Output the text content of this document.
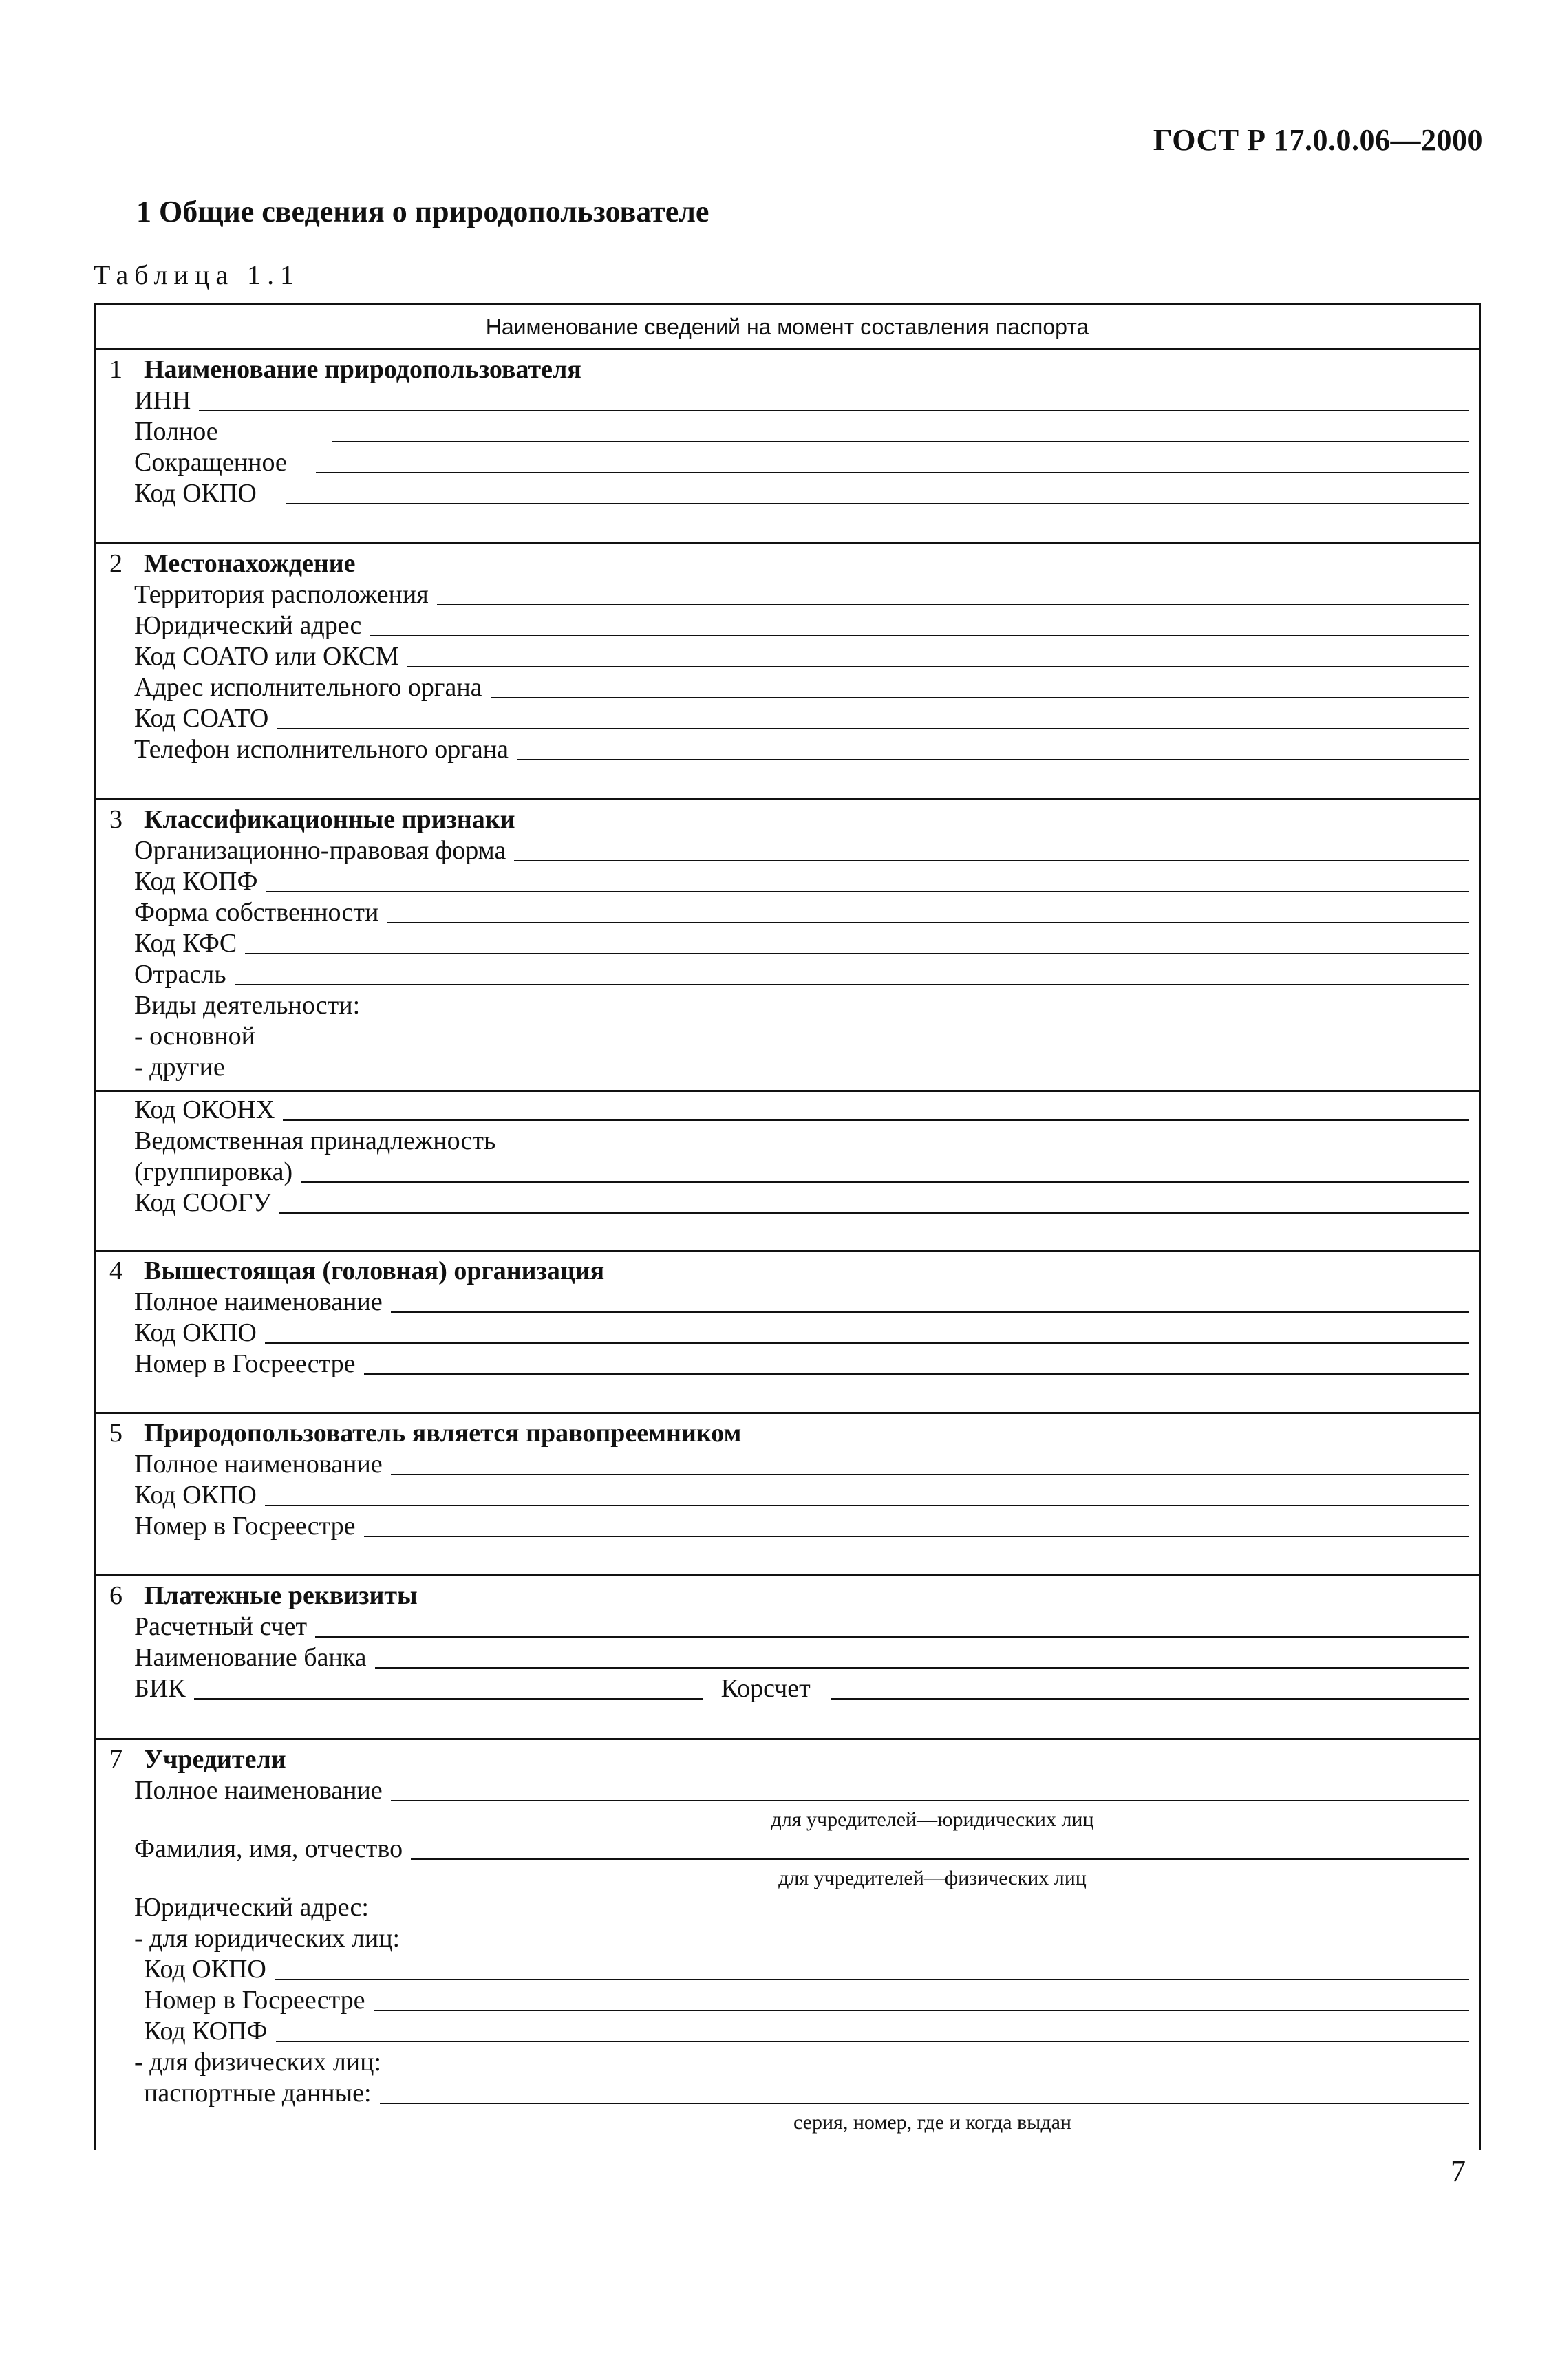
ГОСТ Р 17.0.0.06—2000
1 Общие сведения о природопользователе
Таблица 1.1
Наименование сведений на момент составления паспорта
1 Наименование природопользователя
ИНН
Полное
Сокращенное
Код ОКПО
2 Местонахождение
Территория расположения
Юридический адрес
Код СОАТО или ОКСМ
Адрес исполнительного органа
Код СОАТО
Телефон исполнительного органа
3 Классификационные признаки
Организационно-правовая форма
Код КОПФ
Форма собственности
Код КФС
Отрасль
Виды деятельности:
- основной
- другие
Код ОКОНХ
Ведомственная принадлежность
(группировка)
Код СООГУ
4 Вышестоящая (головная) организация
Полное наименование
Код ОКПО
Номер в Госреестре
5 Природопользователь является правопреемником
Полное наименование
Код ОКПО
Номер в Госреестре
6 Платежные реквизиты
Расчетный счет
Наименование банка
БИК	Корсчет
7 Учредители
Полное наименование
для учредителей—юридических лиц
Фамилия, имя, отчество
для учредителей—физических лиц
Юридический адрес:
- для юридических лиц:
Код ОКПО
Номер в Госреестре
Код КОПФ
- для физических лиц:
паспортные данные:
серия, номер, где и когда выдан
7
